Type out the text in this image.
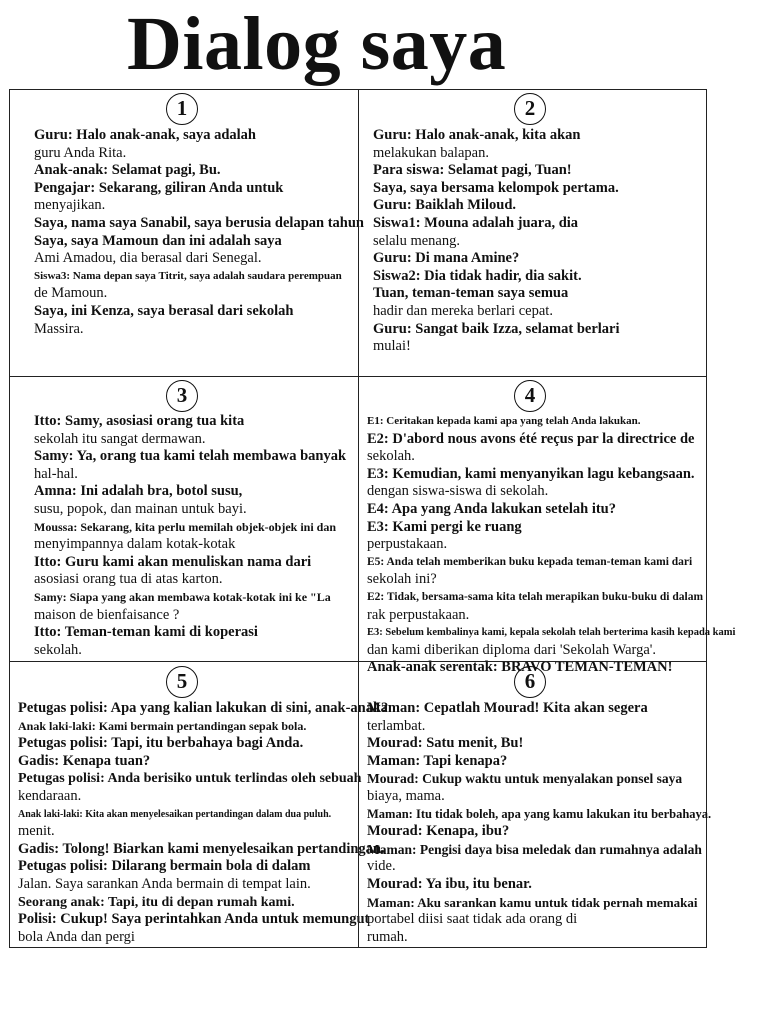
Dialog saya
1
Guru: Halo anak-anak, saya adalah
guru Anda Rita.
Anak-anak: Selamat pagi, Bu.
Pengajar: Sekarang, giliran Anda untuk
menyajikan.
Saya, nama saya Sanabil, saya berusia delapan tahun
Saya, saya Mamoun dan ini adalah saya
Ami Amadou, dia berasal dari Senegal.
Siswa3: Nama depan saya Titrit, saya adalah saudara perempuan
de Mamoun.
Saya, ini Kenza, saya berasal dari sekolah
Massira.
2
Guru: Halo anak-anak, kita akan
melakukan balapan.
Para siswa: Selamat pagi, Tuan!
Saya, saya bersama kelompok pertama.
Guru: Baiklah Miloud.
Siswa1: Mouna adalah juara, dia
selalu menang.
Guru: Di mana Amine?
Siswa2: Dia tidak hadir, dia sakit.
Tuan, teman-teman saya semua
hadir dan mereka berlari cepat.
Guru: Sangat baik Izza, selamat berlari
mulai!
3
Itto: Samy, asosiasi orang tua kita
sekolah itu sangat dermawan.
Samy: Ya, orang tua kami telah membawa banyak
hal-hal.
Amna: Ini adalah bra, botol susu,
susu, popok, dan mainan untuk bayi.
Moussa: Sekarang, kita perlu memilah objek-objek ini dan
menyimpannya dalam kotak-kotak
Itto: Guru kami akan menuliskan nama dari
asosiasi orang tua di atas karton.
Samy: Siapa yang akan membawa kotak-kotak ini ke "La
maison de bienfaisance ?
Itto: Teman-teman kami di koperasi
sekolah.
4
E1: Ceritakan kepada kami apa yang telah Anda lakukan.
E2: D'abord nous avons été reçus par la directrice de
sekolah.
E3: Kemudian, kami menyanyikan lagu kebangsaan.
dengan siswa-siswa di sekolah.
E4: Apa yang Anda lakukan setelah itu?
E3: Kami pergi ke ruang
perpustakaan.
E5: Anda telah memberikan buku kepada teman-teman kami dari
sekolah ini?
E2: Tidak, bersama-sama kita telah merapikan buku-buku di dalam
rak perpustakaan.
E3: Sebelum kembalinya kami, kepala sekolah telah berterima kasih kepada kami
dan kami diberikan diploma dari 'Sekolah Warga'.
Anak-anak serentak: BRAVO TEMAN-TEMAN!
5
Petugas polisi: Apa yang kalian lakukan di sini, anak-anak?
Anak laki-laki: Kami bermain pertandingan sepak bola.
Petugas polisi: Tapi, itu berbahaya bagi Anda.
Gadis: Kenapa tuan?
Petugas polisi: Anda berisiko untuk terlindas oleh sebuah
kendaraan.
Anak laki-laki: Kita akan menyelesaikan pertandingan dalam dua puluh.
menit.
Gadis: Tolong! Biarkan kami menyelesaikan pertandingan.
Petugas polisi: Dilarang bermain bola di dalam
Jalan. Saya sarankan Anda bermain di tempat lain.
Seorang anak: Tapi, itu di depan rumah kami.
Polisi: Cukup! Saya perintahkan Anda untuk memungut
bola Anda dan pergi
6
Maman: Cepatlah Mourad! Kita akan segera
terlambat.
Mourad: Satu menit, Bu!
Maman: Tapi kenapa?
Mourad: Cukup waktu untuk menyalakan ponsel saya
biaya, mama.
Maman: Itu tidak boleh, apa yang kamu lakukan itu berbahaya.
Mourad: Kenapa, ibu?
Maman: Pengisi daya bisa meledak dan rumahnya adalah
vide.
Mourad: Ya ibu, itu benar.
Maman: Aku sarankan kamu untuk tidak pernah memakai
portabel diisi saat tidak ada orang di
rumah.
